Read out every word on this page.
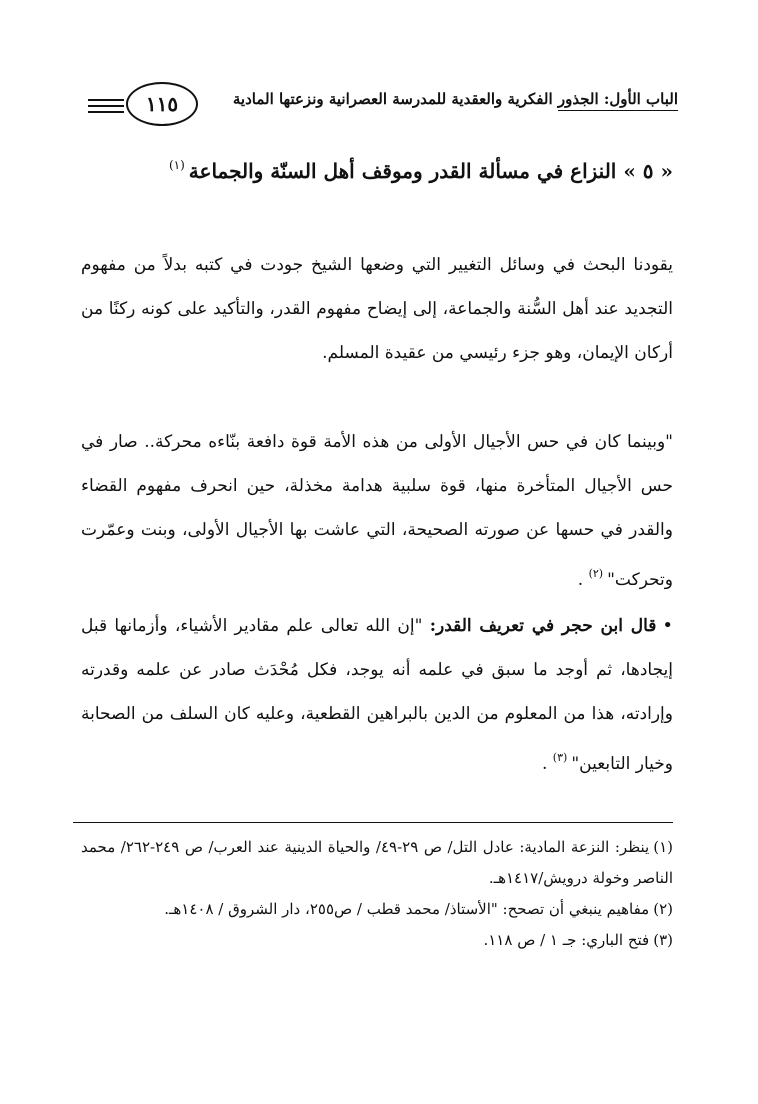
الباب الأول: الجذور الفكرية والعقدية للمدرسة العصرانية ونزعتها المادية
١١٥
« ٥ » النزاع في مسألة القدر وموقف أهل السنّة والجماعة$^{(١)}$

يقودنا البحث في وسائل التغيير التي وضعها الشيخ جودت في كتبه بدلاً من مفهوم التجديد عند أهل السُّنة والجماعة، إلى إيضاح مفهوم القدر، والتأكيد على كونه ركنًا من أركان الإيمان، وهو جزء رئيسي من عقيدة المسلم.

"وبينما كان في حس الأجيال الأولى من هذه الأمة قوة دافعة بنّاءه محركة.. صار في حس الأجيال المتأخرة منها، قوة سلبية هدامة مخذلة، حين انحرف مفهوم القضاء والقدر في حسها عن صورته الصحيحة، التي عاشت بها الأجيال الأولى، وبنت وعمّرت وتحركت"$^{(٢)}$ .

•قال ابن حجر في تعريف القدر: "إن الله تعالى علم مقادير الأشياء، وأزمانها قبل إيجادها، ثم أوجد ما سبق في علمه أنه يوجد، فكل مُحْدَث صادر عن علمه وقدرته وإرادته، هذا من المعلوم من الدين بالبراهين القطعية، وعليه كان السلف من الصحابة وخيار التابعين"$^{(٣)}$ .

(١)ينظر: النزعة المادية: عادل التل/ ص ٢٩-٤٩/ والحياة الدينية عند العرب/ ص ٢٤٩-٢٦٢/ محمد الناصر وخولة درويش/١٤١٧هـ.
(٢)مفاهيم ينبغي أن تصحح: "الأستاذ/ محمد قطب / ص٢٥٥، دار الشروق / ١٤٠٨هـ.
(٣)فتح الباري: جـ ١ / ص ١١٨.
